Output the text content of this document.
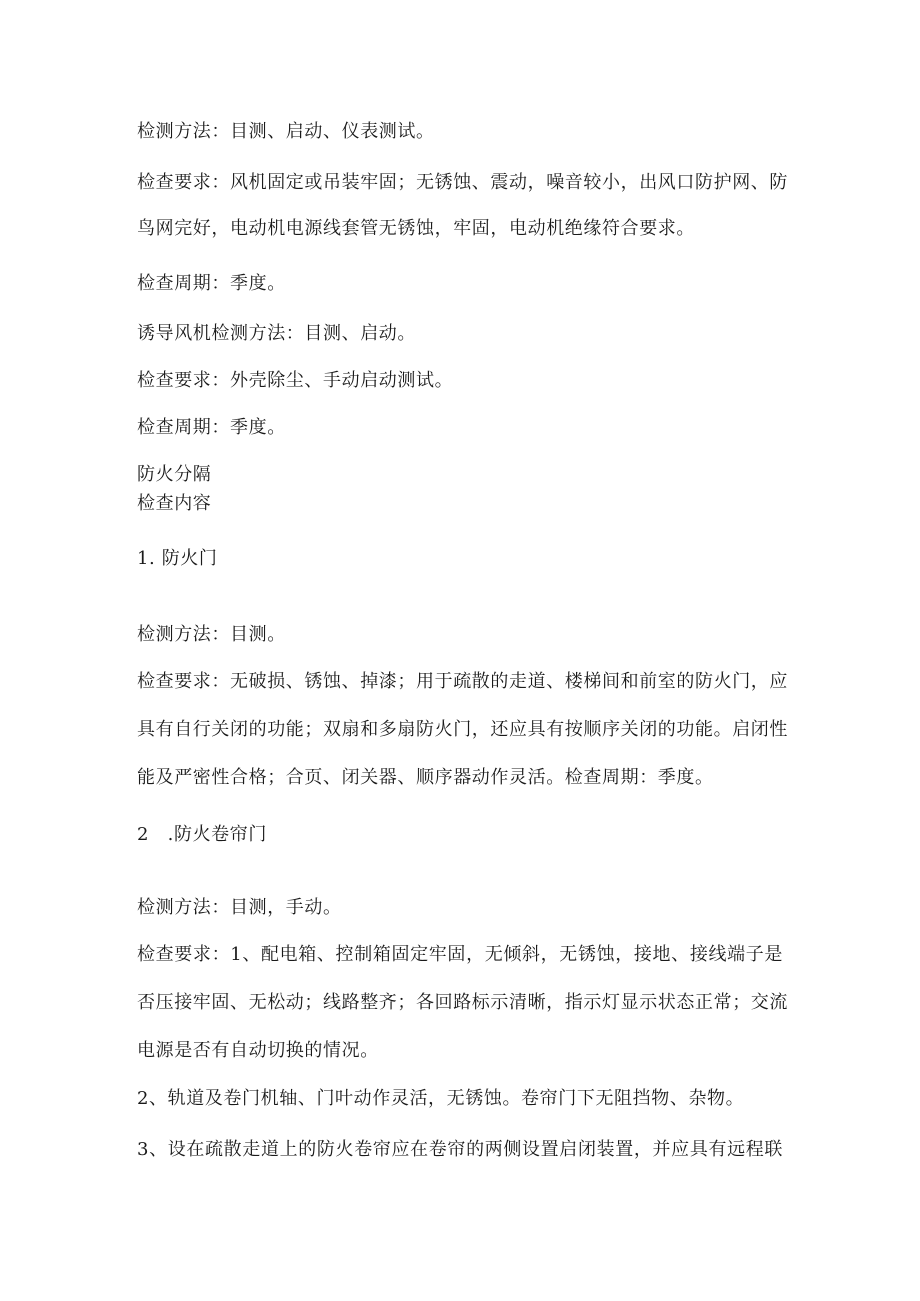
检测方法：目测、启动、仪表测试。

检查要求：风机固定或吊装牢固；无锈蚀、震动，噪音较小，出风口防护网、防

鸟网完好，电动机电源线套管无锈蚀，牢固，电动机绝缘符合要求。

检查周期：季度。

诱导风机检测方法：目测、启动。

检查要求：外壳除尘、手动启动测试。

检查周期：季度。

防火分隔

检查内容

1. 防火门

检测方法：目测。

检查要求：无破损、锈蚀、掉漆；用于疏散的走道、楼梯间和前室的防火门，应

具有自行关闭的功能；双扇和多扇防火门，还应具有按顺序关闭的功能。启闭性

能及严密性合格；合页、闭关器、顺序器动作灵活。检查周期：季度。

2　.防火卷帘门

检测方法：目测，手动。

检查要求：1、配电箱、控制箱固定牢固，无倾斜，无锈蚀，接地、接线端子是

否压接牢固、无松动；线路整齐；各回路标示清晰，指示灯显示状态正常；交流

电源是否有自动切换的情况。

2、轨道及卷门机轴、门叶动作灵活，无锈蚀。卷帘门下无阻挡物、杂物。

3、设在疏散走道上的防火卷帘应在卷帘的两侧设置启闭装置，并应具有远程联
